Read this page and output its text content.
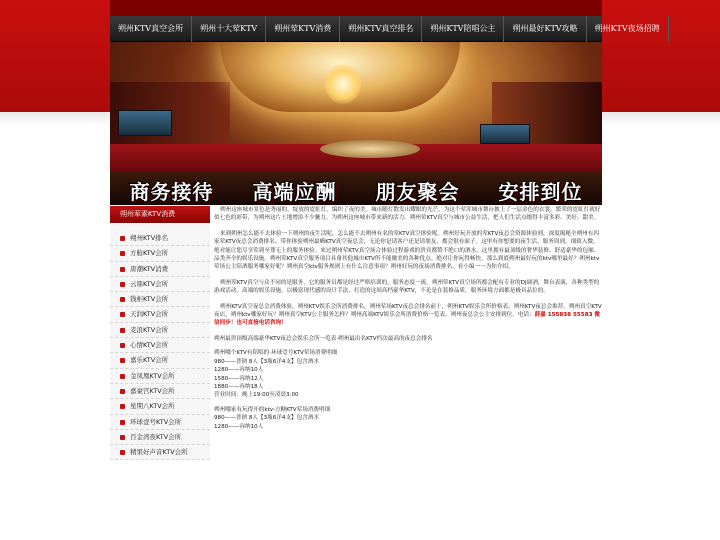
朔州KTV真空会所	朔州十大荤KTV	朔州荤KTV消费	朔州KTV真空排名	朔州KTV陪唱公主	朔州最好KTV攻略	朔州KTV夜场招聘
商务接待 高端应酬 朋友聚会 安排到位
朔州荤素KTV消费
朔州KTV排名
方舱KTV会所
唐潮KTV消费
云鼎KTV会所
钱柜KTV会所
天润KTV会所
麦浪KTV会所
心情KTV会所
嘉乐KTV会所
金凤凰KTV会所
嘉豪宫KTV会所
星期八KTV会所
环球壹号KTV会所
百金湾夜KTV会所
精果好声音KTV会所

朔州这座城市景色是秀丽的。绽放的霓虹灯，编织了夜的美。城市随灯散发出耀眼的光芒，为这个荤浑城市舞台披上了一层金色的衣裳。繁荣的霓虹灯就好似七色的彩带，为朔州这片土地增添不少魅力。为朔州这座城市带来新的活力。朔州荤KTV真空与城市公益生活，把人们生活点缀得丰富多彩、美好、甜美。

来到朔州怎么能不去体验一下朔州的夜生活呢，怎么能不去朔州有名的荤KTV真空体验呢。朔州好玩开放的荤KTV夜总会资源体验到，深度揭秘全朔州有四家荤KTV夜总会消费排名、带你体验朔州最嗨KTV真空夜总会，无论你是请客户还是请朋友，都会很有面子。这里有你想要的夜生活，服务周到，细致入微，绝对能让您尽享荤到至尊无上的服务体验。来过朔州荤KTV真空场合体验过程游戏的贵宾都赞不绝口的酒水，这里拥有最顶级的奢华装修、舒适豪华的包厢、品类齐全的娱乐设施。朔州荤KTV真空服务项目具备其他城市KTV所不能媲美的各种优点。绝对让你玩得畅快。那么到底朔州最好玩的ktv哪里最好？朔州ktv荤场公主陪酒服务哪家好呢？朔州真空ktv服务规则上有什么注意事项？朔州好玩的夜场消费排名，看小编一一为你介绍。

朔州荤KTV真空与众不同的是服务，它的服务员都是经过严格培训的，服务态度一流。朔州荤KTV真空场所都会配有专业的DJ调酒，舞台表演，各种类型的游戏活动。高端的娱乐设施，以极富现代感的设计手法，打造的这间高档豪华KTV，不论是在装修品质、服务环境方面都是极具品位的。

朔州KTV真空夜总会消费体验，朔州KTV娱乐会所消费排名，朔州荤场KTV夜总会排名前十，朔州KTV娱乐会所价格表，朔州KTV夜总会推荐，朔州真空KTV夜店，朔州ktv哪家好玩？朔州真空KTV公主服务怎样？朔州高端KTV娱乐会所消费价格一览表，朔州夜总会公主安排到位。电话：薛嘉 155838 55583 微信同步！也可直接电话咨询！

朔州最贵顶级高端豪华KTV夜总会娱乐会所一览表·朔州最出名KTV档次最高的夜总会排名

朔州哪个KTV有陪唱的·环球壹号KTV荤场消费明细

980——普钠 8人【3瓶6洋4支】包含酒水

1280——容纳10人

1580——容纳12人

1880——容纳18人

营业时间：晚上19:00至凌晨3:00

朔州哪家有玩得开的ktv-方糖KTV荤场消费明细

980——普钠 8人【3瓶6洋4支】包含酒水

1280——容纳10人
